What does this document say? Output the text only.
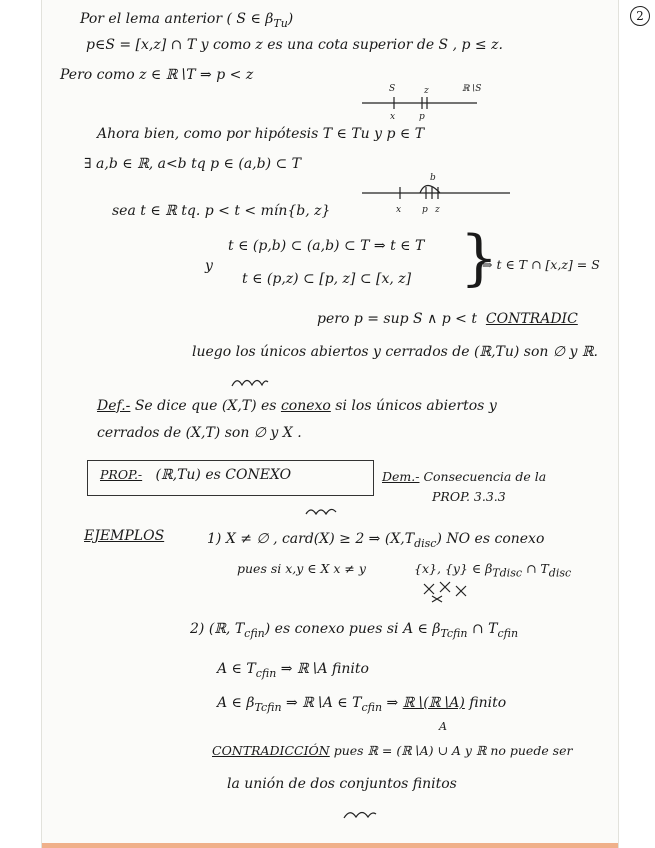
2
Por el lema anterior ( S ∈ $\beta_{Tu}$)
p∈S = [x,z] ∩ T y como z es una cota superior de S , p ≤ z.
Pero como z ∈ ℝ∖T ⇒ p < z
S	z	ℝ∖S
x	p
Ahora bien, como por hipótesis T ∈ Tu y p ∈ T
∃ a,b ∈ ℝ, a<b tq p ∈ (a,b) ⊂ T
b
x p z
sea t ∈ ℝ tq. p < t < mín{b, z}
t ∈ (p,b) ⊂ (a,b) ⊂ T ⇒ t ∈ T
y
t ∈ (p,z) ⊂ [p, z] ⊂ [x, z] }
⇒ t ∈ T ∩ [x,z] = S
pero p = sup S ∧ p < t CONTRADIC
luego los únicos abiertos y cerrados de (ℝ,Tu) son ∅ y ℝ.
Def.- Se dice que (X,T) es conexo si los únicos abiertos y
cerrados de (X,T) son ∅ y X .
PROP.- (ℝ,Tu) es CONEXO	Dem.- Consecuencia de la
PROP. 3.3.3
EJEMPLOS	1) X ≠ ∅ , card(X) ≥ 2 ⇒ $(X,T_{disc})$ NO es conexo
pues si x,y ∈ X x ≠ y	{x}, {y} ∈ $\beta_{Tdisc}$ ∩ $T_{disc}$
2) (ℝ, $T_{cfin}$) es conexo pues si A ∈ $\beta_{Tcfin}$ ∩ $T_{cfin}$
A ∈ $T_{cfin}$ ⇒ ℝ∖A finito
A ∈ $\beta_{Tcfin}$ ⇒ ℝ∖A ∈ $T_{cfin}$ ⇒ ℝ∖(ℝ∖A) finito
A
CONTRADICCIÓN pues ℝ = (ℝ∖A) ∪ A y ℝ no puede ser
la unión de dos conjuntos finitos
